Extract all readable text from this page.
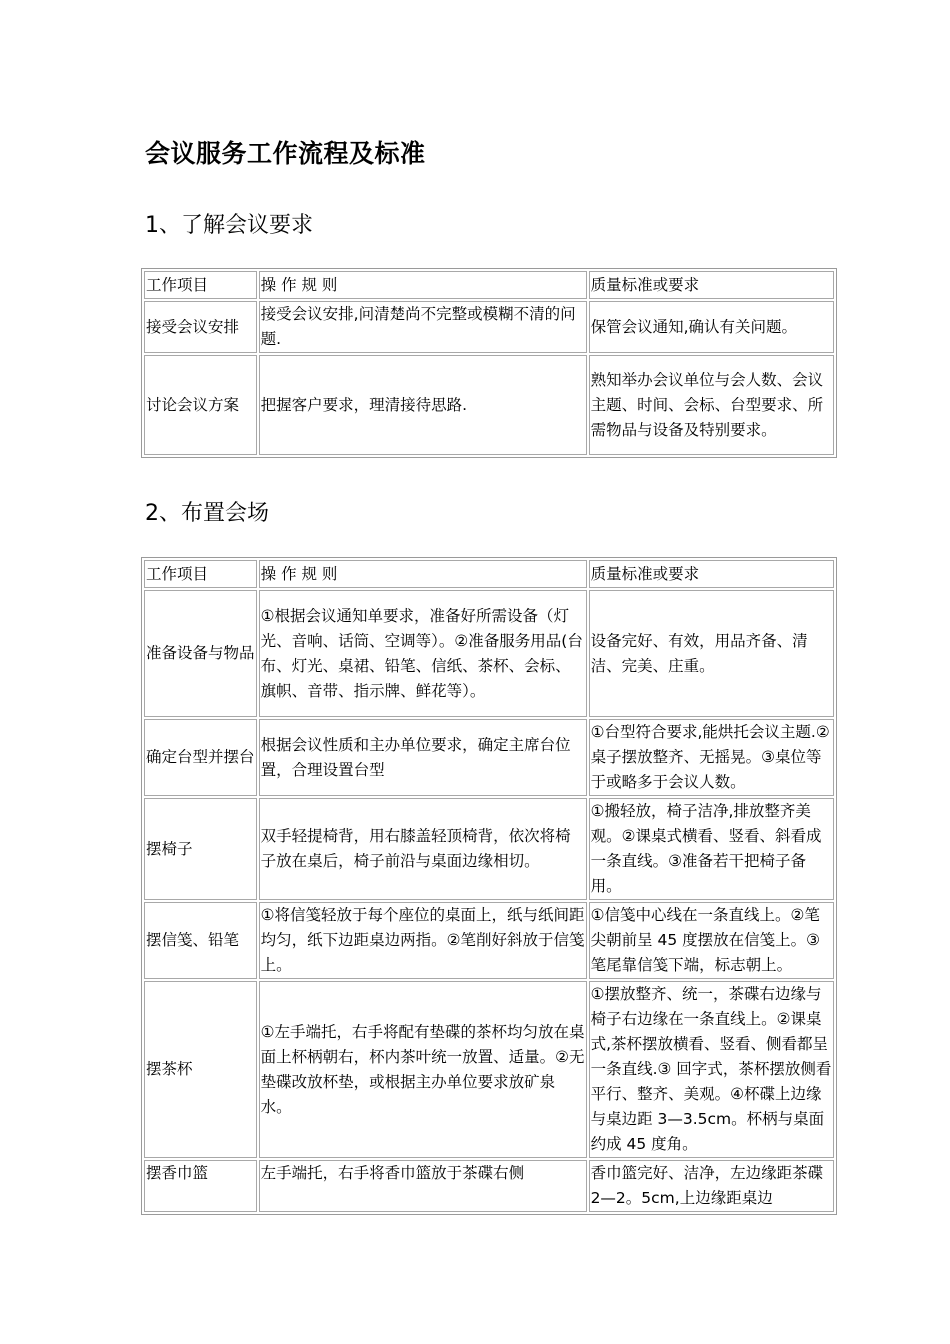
会议服务工作流程及标准
1、了解会议要求
工作项目	操 作 规 则	质量标准或要求
接受会议安排	接受会议安排,问清楚尚不完整或模糊不清的问题.	保管会议通知,确认有关问题。
讨论会议方案	把握客户要求，理清接待思路.	熟知举办会议单位与会人数、会议主题、时间、会标、台型要求、所需物品与设备及特别要求。
2、布置会场
工作项目	操 作 规 则	质量标准或要求
准备设备与物品	①根据会议通知单要求，准备好所需设备（灯光、音响、话筒、空调等）。②准备服务用品(台布、灯光、桌裙、铅笔、信纸、茶杯、会标、旗帜、音带、指示牌、鲜花等）。	设备完好、有效，用品齐备、清洁、完美、庄重。
确定台型并摆台	根据会议性质和主办单位要求，确定主席台位置，合理设置台型	①台型符合要求,能烘托会议主题.② 桌子摆放整齐、无摇晃。③桌位等于或略多于会议人数。
摆椅子	双手轻提椅背，用右膝盖轻顶椅背，依次将椅子放在桌后，椅子前沿与桌面边缘相切。	①搬轻放，椅子洁净,排放整齐美观。②课桌式横看、竖看、斜看成一条直线。③准备若干把椅子备用。
摆信笺、铅笔	①将信笺轻放于每个座位的桌面上，纸与纸间距均匀，纸下边距桌边两指。②笔削好斜放于信笺上。	①信笺中心线在一条直线上。②笔尖朝前呈 45 度摆放在信笺上。③笔尾靠信笺下端，标志朝上。
摆茶杯	①左手端托，右手将配有垫碟的茶杯均匀放在桌面上杯柄朝右，杯内茶叶统一放置、适量。②无垫碟改放杯垫，或根据主办单位要求放矿泉水。	①摆放整齐、统一，茶碟右边缘与椅子右边缘在一条直线上。②课桌式,茶杯摆放横看、竖看、侧看都呈一条直线.③ 回字式，茶杯摆放侧看平行、整齐、美观。④杯碟上边缘与桌边距 3—3.5cm。杯柄与桌面约成 45 度角。
摆香巾篮	左手端托，右手将香巾篮放于茶碟右侧	香巾篮完好、洁净，左边缘距茶碟 2—2。5cm,上边缘距桌边
